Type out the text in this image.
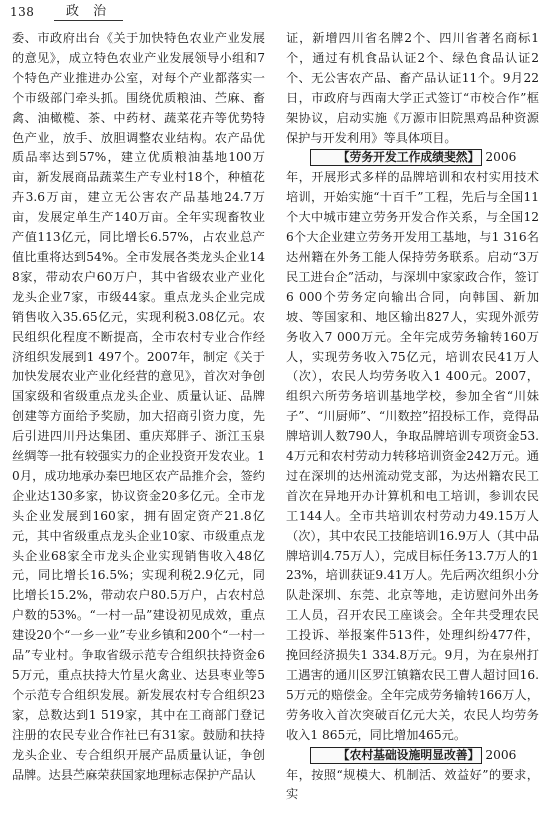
138	政 治

委、市政府出台《关于加快特色农业产业发展的意见》，成立特色农业产业发展领导小组和7个特色产业推进办公室，对每个产业都落实一个市级部门牵头抓。围绕优质粮油、苎麻、畜禽、油橄榄、茶、中药材、蔬菜花卉等优势特色产业，放手、放胆调整农业结构。农产品优质品率达到57%，建立优质粮油基地100万亩，新发展商品蔬菜生产专业村18个，种植花卉3.6万亩，建立无公害农产品基地24.7万亩，发展定单生产140万亩。全年实现畜牧业产值113亿元，同比增长6.57%，占农业总产值比重将达到54%。全市发展各类龙头企业148家，带动农户60万户，其中省级农业产业化龙头企业7家，市级44家。重点龙头企业完成销售收入35.65亿元，实现利税3.08亿元。农民组织化程度不断提高，全市农村专业合作经济组织发展到1 497个。2007年，制定《关于加快发展农业产业化经营的意见》，首次对争创国家级和省级重点龙头企业、质量认证、品牌创建等方面给予奖励，加大招商引资力度，先后引进四川丹达集团、重庆郑胖子、浙江玉泉丝绸等一批有较强实力的企业投资开发农业。10月，成功地承办秦巴地区农产品推介会，签约企业达130多家，协议资金20多亿元。全市龙头企业发展到160家，拥有固定资产21.8亿元，其中省级重点龙头企业10家、市级重点龙头企业68家全市龙头企业实现销售收入48亿元，同比增长16.5%；实现利税2.9亿元，同比增长15.2%，带动农户80.5万户，占农村总户数的53%。“一村一品”建设初见成效，重点建设20个“一乡一业”专业乡镇和200个“一村一品”专业村。争取省级示范专合组织扶持资金65万元，重点扶持大竹星火禽业、达县枣业等5个示范专合组织发展。新发展农村专合组织23家，总数达到1 519家，其中在工商部门登记注册的农民专业合作社已有31家。鼓励和扶持龙头企业、专合组织开展产品质量认证，争创品牌。达县苎麻荣获国家地理标志保护产品认

证，新增四川省名牌2个、四川省著名商标1个，通过有机食品认证2个、绿色食品认证2个、无公害农产品、畜产品认证11个。9月22日，市政府与西南大学正式签订“市校合作”框架协议，启动实施《万源市旧院黑鸡品种资源保护与开发利用》等具体项目。

【劳务开发工作成绩斐然】 2006年，开展形式多样的品牌培训和农村实用技术培训，开始实施“十百千”工程，先后与全国11个大中城市建立劳务开发合作关系，与全国126个大企业建立劳务开发用工基地，与1 316名达州籍在外务工能人保持劳务联系。启动“3万民工进台企”活动，与深圳中家家政合作，签订6 000个劳务定向输出合同，向韩国、新加坡、等国家和、地区输出827人，实现外派劳务收入7 000万元。全年完成劳务输转160万人，实现劳务收入75亿元，培训农民41万人（次），农民人均劳务收入1 400元。2007，组织六所劳务培训基地学校，参加全省“川妹子”、“川厨师”、“川数控”招投标工作，竞得品牌培训人数790人，争取品牌培训专项资金53.4万元和农村劳动力转移培训资金242万元。通过在深圳的达州流动党支部，为达州籍农民工首次在异地开办计算机和电工培训，参训农民工144人。全市共培训农村劳动力49.15万人（次），其中农民工技能培训16.9万人（其中品牌培训4.75万人），完成目标任务13.7万人的123%，培训获证9.41万人。先后两次组织小分队赴深圳、东莞、北京等地，走访慰问外出务工人员，召开农民工座谈会。全年共受理农民工投诉、举报案件513件，处理纠纷477件，挽回经济损失1 334.8万元。9月，为在泉州打工遇害的通川区罗江镇籍农民工曹人超讨回16.5万元的赔偿金。全年完成劳务输转166万人，劳务收入首次突破百亿元大关，农民人均劳务收入1 865元，同比增加465元。

【农村基础设施明显改善】 2006年，按照“规模大、机制活、效益好”的要求，实
